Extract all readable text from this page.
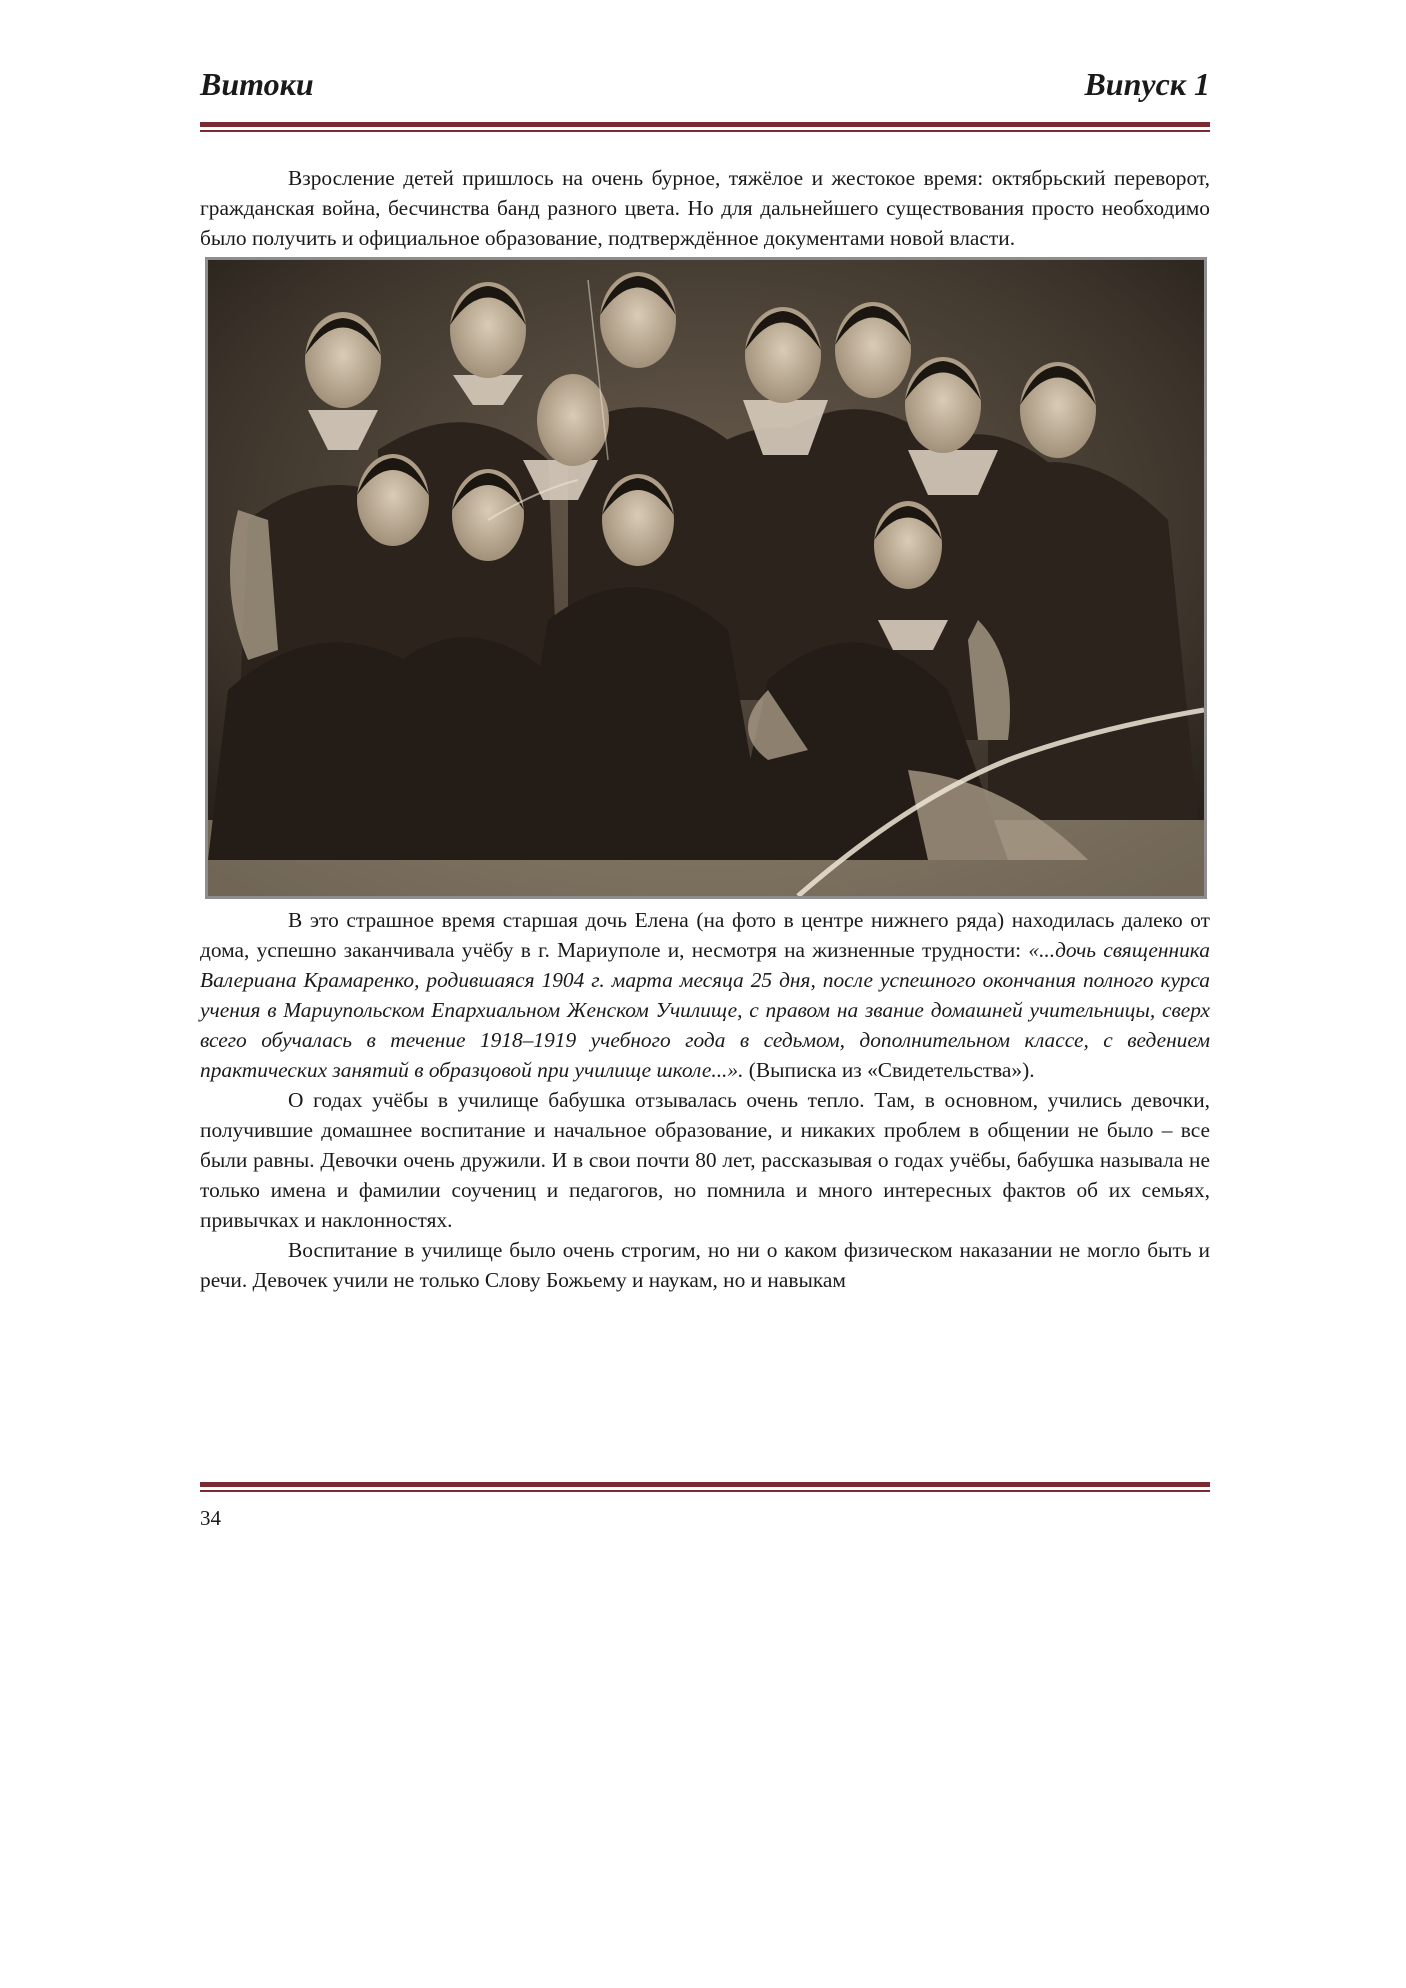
Витоки	Випуск 1

Взросление детей пришлось на очень бурное, тяжёлое и жестокое время: октябрьский переворот, гражданская война, бесчинства банд разного цвета. Но для дальнейшего существования просто необходимо было получить и официальное образование, подтверждённое документами новой власти.

В это страшное время старшая дочь Елена (на фото в центре нижнего ряда) находилась далеко от дома, успешно заканчивала учёбу в г. Мариуполе и, несмотря на жизненные трудности: «...дочь священника Валериана Крамаренко, родившаяся 1904 г. марта месяца 25 дня, после успешного окончания полного курса учения в Мариупольском Епархиальном Женском Училище, с правом на звание домашней учительницы, сверх всего обучалась в течение 1918–1919 учебного года в седьмом, дополнительном классе, с ведением практических занятий в образцовой при училище школе...». (Выписка из «Свидетельства»).

О годах учёбы в училище бабушка отзывалась очень тепло. Там, в основном, учились девочки, получившие домашнее воспитание и начальное образование, и никаких проблем в общении не было – все были равны. Девочки очень дружили. И в свои почти 80 лет, рассказывая о годах учёбы, бабушка называла не только имена и фамилии соучениц и педагогов, но помнила и много интересных фактов об их семьях, привычках и наклонностях.

Воспитание в училище было очень строгим, но ни о каком физическом наказании не могло быть и речи. Девочек учили не только Слову Божьему и наукам, но и навыкам

34
